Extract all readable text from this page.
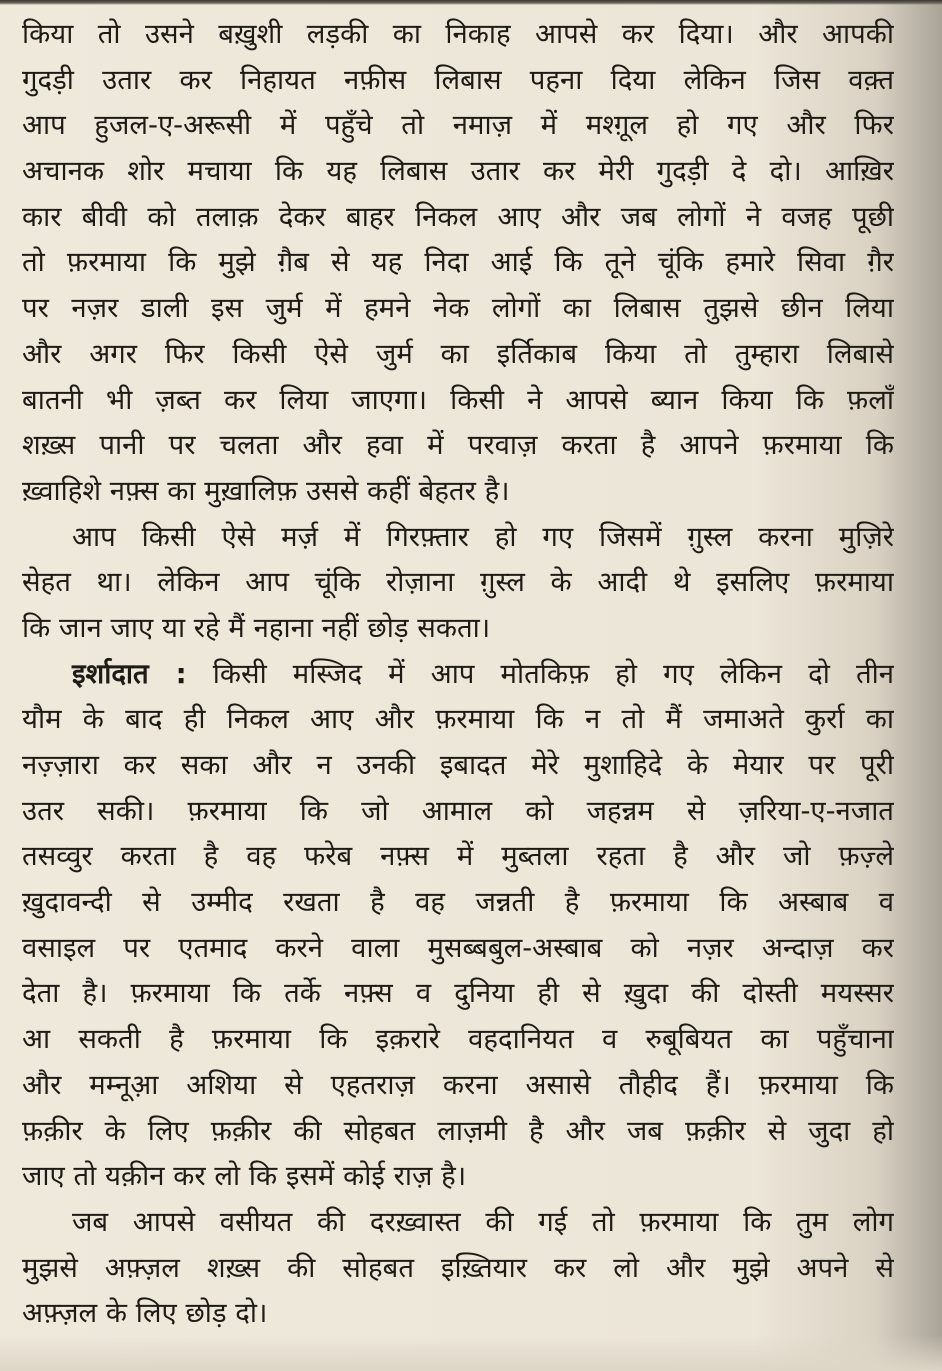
किया तो उसने बख़ुशी लड़की का निकाह आपसे कर दिया। और आपकी
गुदड़ी उतार कर निहायत नफ़ीस लिबास पहना दिया लेकिन जिस वक़्त
आप हुजल-ए-अरूसी में पहुँचे तो नमाज़ में मश्ग़ूल हो गए और फिर
अचानक शोर मचाया कि यह लिबास उतार कर मेरी गुदड़ी दे दो। आख़िर
कार बीवी को तलाक़ देकर बाहर निकल आए और जब लोगों ने वजह पूछी
तो फ़रमाया कि मुझे ग़ैब से यह निदा आई कि तूने चूंकि हमारे सिवा ग़ैर
पर नज़र डाली इस जुर्म में हमने नेक लोगों का लिबास तुझसे छीन लिया
और अगर फिर किसी ऐसे जुर्म का इर्तिकाब किया तो तुम्हारा लिबासे
बातनी भी ज़ब्त कर लिया जाएगा। किसी ने आपसे ब्यान किया कि फ़लाँ
शख़्स पानी पर चलता और हवा में परवाज़ करता है आपने फ़रमाया कि
ख़्वाहिशे नफ़्स का मुख़ालिफ़ उससे कहीं बेहतर है।
आप किसी ऐसे मर्ज़ में गिरफ़्तार हो गए जिसमें ग़ुस्ल करना मुज़िरे
सेहत था। लेकिन आप चूंकि रोज़ाना ग़ुस्ल के आदी थे इसलिए फ़रमाया
कि जान जाए या रहे मैं नहाना नहीं छोड़ सकता।
इर्शादात : किसी मस्जिद में आप मोतकिफ़ हो गए लेकिन दो तीन
यौम के बाद ही निकल आए और फ़रमाया कि न तो मैं जमाअते कुर्रा का
नज़्ज़ारा कर सका और न उनकी इबादत मेरे मुशाहिदे के मेयार पर पूरी
उतर सकी। फ़रमाया कि जो आमाल को जहन्नम से ज़रिया-ए-नजात
तसव्वुर करता है वह फरेब नफ़्स में मुब्तला रहता है और जो फ़ज़्ले
ख़ुदावन्दी से उम्मीद रखता है वह जन्नती है फ़रमाया कि अस्बाब व
वसाइल पर एतमाद करने वाला मुसब्बबुल-अस्बाब को नज़र अन्दाज़ कर
देता है। फ़रमाया कि तर्के नफ़्स व दुनिया ही से ख़ुदा की दोस्ती मयस्सर
आ सकती है फ़रमाया कि इक़रारे वहदानियत व रुबूबियत का पहुँचाना
और मम्नूआ़ अशिया से एहतराज़ करना असासे तौहीद हैं। फ़रमाया कि
फ़क़ीर के लिए फ़क़ीर की सोहबत लाज़मी है और जब फ़क़ीर से जुदा हो
जाए तो यक़ीन कर लो कि इसमें कोई राज़ है।
जब आपसे वसीयत की दरख़्वास्त की गई तो फ़रमाया कि तुम लोग
मुझसे अफ़्ज़ल शख़्स की सोहबत इख़्तियार कर लो और मुझे अपने से
अफ़्ज़ल के लिए छोड़ दो।
